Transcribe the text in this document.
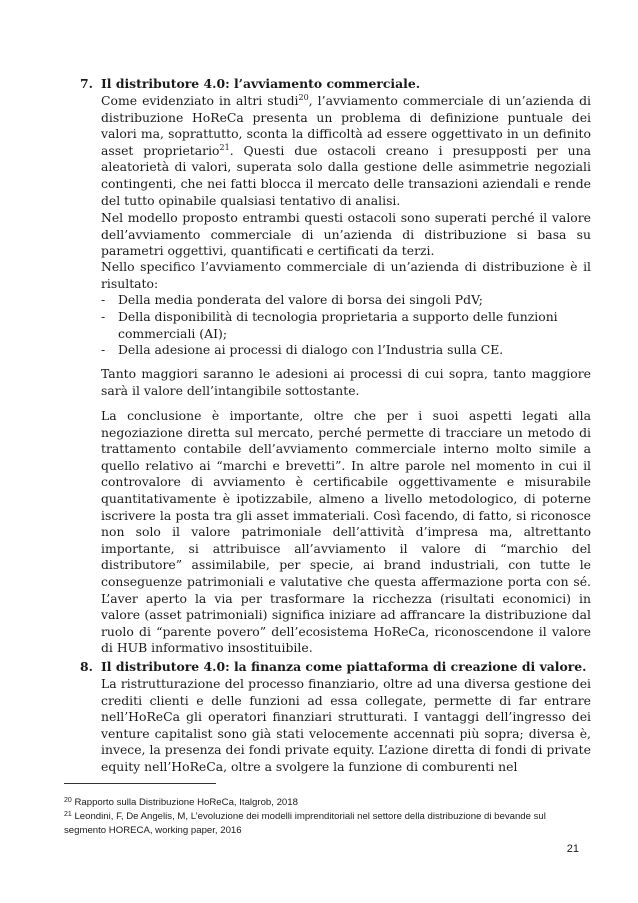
7. Il distributore 4.0: l’avviamento commerciale.
Come evidenziato in altri studi$^{20}$, l’avviamento commerciale di un’azienda di distribuzione HoReCa presenta un problema di definizione puntuale dei valori ma, soprattutto, sconta la difficoltà ad essere oggettivato in un definito asset proprietario$^{21}$. Questi due ostacoli creano i presupposti per una aleatorietà di valori, superata solo dalla gestione delle asimmetrie negoziali contingenti, che nei fatti blocca il mercato delle transazioni aziendali e rende del tutto opinabile qualsiasi tentativo di analisi.
Nel modello proposto entrambi questi ostacoli sono superati perché il valore dell’avviamento commerciale di un’azienda di distribuzione si basa su parametri oggettivi, quantificati e certificati da terzi.
Nello specifico l’avviamento commerciale di un’azienda di distribuzione è il risultato:
- Della media ponderata del valore di borsa dei singoli PdV;
- Della disponibilità di tecnologia proprietaria a supporto delle funzioni commerciali (AI);
- Della adesione ai processi di dialogo con l’Industria sulla CE.
Tanto maggiori saranno le adesioni ai processi di cui sopra, tanto maggiore sarà il valore dell’intangibile sottostante.
La conclusione è importante, oltre che per i suoi aspetti legati alla negoziazione diretta sul mercato, perché permette di tracciare un metodo di trattamento contabile dell’avviamento commerciale interno molto simile a quello relativo ai “marchi e brevetti”. In altre parole nel momento in cui il controvalore di avviamento è certificabile oggettivamente e misurabile quantitativamente è ipotizzabile, almeno a livello metodologico, di poterne iscrivere la posta tra gli asset immateriali. Così facendo, di fatto, si riconosce non solo il valore patrimoniale dell’attività d’impresa ma, altrettanto importante, si attribuisce all’avviamento il valore di “marchio del distributore” assimilabile, per specie, ai brand industriali, con tutte le conseguenze patrimoniali e valutative che questa affermazione porta con sé. L’aver aperto la via per trasformare la ricchezza (risultati economici) in valore (asset patrimoniali) significa iniziare ad affrancare la distribuzione dal ruolo di “parente povero” dell’ecosistema HoReCa, riconoscendone il valore di HUB informativo insostituibile.
8. Il distributore 4.0: la finanza come piattaforma di creazione di valore.
La ristrutturazione del processo finanziario, oltre ad una diversa gestione dei crediti clienti e delle funzioni ad essa collegate, permette di far entrare nell’HoReCa gli operatori finanziari strutturati. I vantaggi dell’ingresso dei venture capitalist sono già stati velocemente accennati più sopra; diversa è, invece, la presenza dei fondi private equity. L’azione diretta di fondi di private equity nell’HoReCa, oltre a svolgere la funzione di comburenti nel
$^{20}$ Rapporto sulla Distribuzione HoReCa, Italgrob, 2018
$^{21}$ Leondini, F, De Angelis, M, L’evoluzione dei modelli imprenditoriali nel settore della distribuzione di bevande sul segmento HORECA, working paper, 2016
21
